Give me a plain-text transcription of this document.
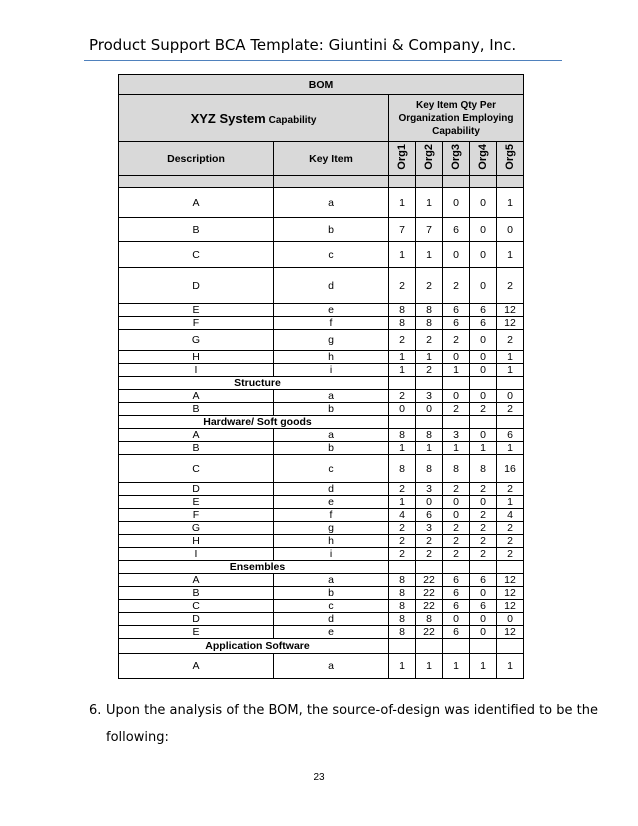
Product Support BCA Template: Giuntini & Company, Inc.
BOM						
XYZ System Capability		Key Item Qty Per Organization Employing Capability				
Description	Key Item	Org1	Org2	Org3	Org4	Org5

A	a	1	1	0	0	1
B	b	7	7	6	0	0
C	c	1	1	0	0	1
D	d	2	2	2	0	2
E	e	8	8	6	6	12
F	f	8	8	6	6	12
G	g	2	2	2	0	2
H	h	1	1	0	0	1
I	i	1	2	1	0	1
Structure						
A	a	2	3	0	0	0
B	b	0	0	2	2	2
Hardware/ Soft goods						
A	a	8	8	3	0	6
B	b	1	1	1	1	1
C	c	8	8	8	8	16
D	d	2	3	2	2	2
E	e	1	0	0	0	1
F	f	4	6	0	2	4
G	g	2	3	2	2	2
H	h	2	2	2	2	2
I	i	2	2	2	2	2
Ensembles						
A	a	8	22	6	6	12
B	b	8	22	6	0	12
C	c	8	22	6	6	12
D	d	8	8	0	0	0
E	e	8	22	6	0	12
Application Software						
A	a	1	1	1	1	1
6. Upon the analysis of the BOM, the source-of-design was identified to be the
following:
23
